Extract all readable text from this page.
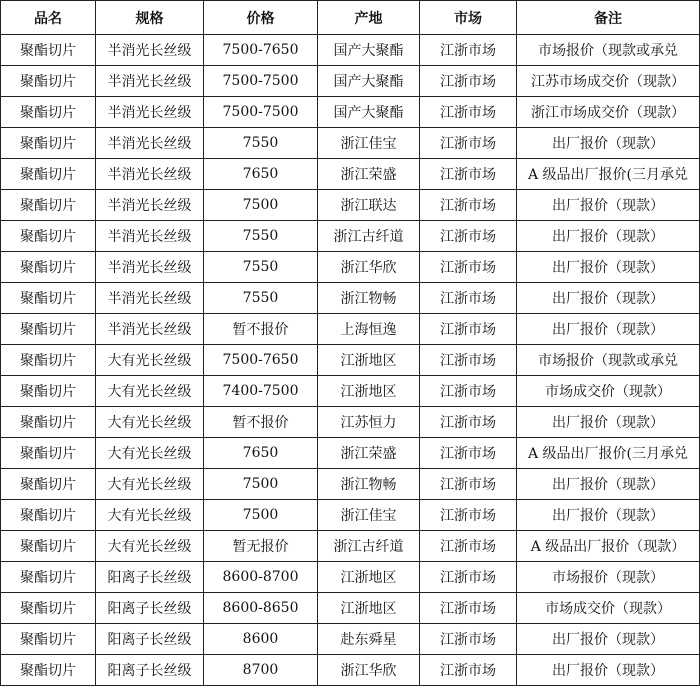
品名	规格	价格	产地	市场	备注
聚酯切片	半消光长丝级	7500-7650	国产大聚酯	江浙市场	市场报价（现款或承兑
聚酯切片	半消光长丝级	7500-7500	国产大聚酯	江浙市场	江苏市场成交价（现款）
聚酯切片	半消光长丝级	7500-7500	国产大聚酯	江浙市场	浙江市场成交价（现款）
聚酯切片	半消光长丝级	7550	浙江佳宝	江浙市场	出厂报价（现款）
聚酯切片	半消光长丝级	7650	浙江荣盛	江浙市场	A 级品出厂报价(三月承兑
聚酯切片	半消光长丝级	7500	浙江联达	江浙市场	出厂报价（现款）
聚酯切片	半消光长丝级	7550	浙江古纤道	江浙市场	出厂报价（现款）
聚酯切片	半消光长丝级	7550	浙江华欣	江浙市场	出厂报价（现款）
聚酯切片	半消光长丝级	7550	浙江物畅	江浙市场	出厂报价（现款）
聚酯切片	半消光长丝级	暂不报价	上海恒逸	江浙市场	出厂报价（现款）
聚酯切片	大有光长丝级	7500-7650	江浙地区	江浙市场	市场报价（现款或承兑
聚酯切片	大有光长丝级	7400-7500	江浙地区	江浙市场	市场成交价（现款）
聚酯切片	大有光长丝级	暂不报价	江苏恒力	江浙市场	出厂报价（现款）
聚酯切片	大有光长丝级	7650	浙江荣盛	江浙市场	A 级品出厂报价(三月承兑
聚酯切片	大有光长丝级	7500	浙江物畅	江浙市场	出厂报价（现款）
聚酯切片	大有光长丝级	7500	浙江佳宝	江浙市场	出厂报价（现款）
聚酯切片	大有光长丝级	暂无报价	浙江古纤道	江浙市场	A 级品出厂报价（现款）
聚酯切片	阳离子长丝级	8600-8700	江浙地区	江浙市场	市场报价（现款）
聚酯切片	阳离子长丝级	8600-8650	江浙地区	江浙市场	市场成交价（现款）
聚酯切片	阳离子长丝级	8600	赴东舜星	江浙市场	出厂报价（现款）
聚酯切片	阳离子长丝级	8700	浙江华欣	江浙市场	出厂报价（现款）
